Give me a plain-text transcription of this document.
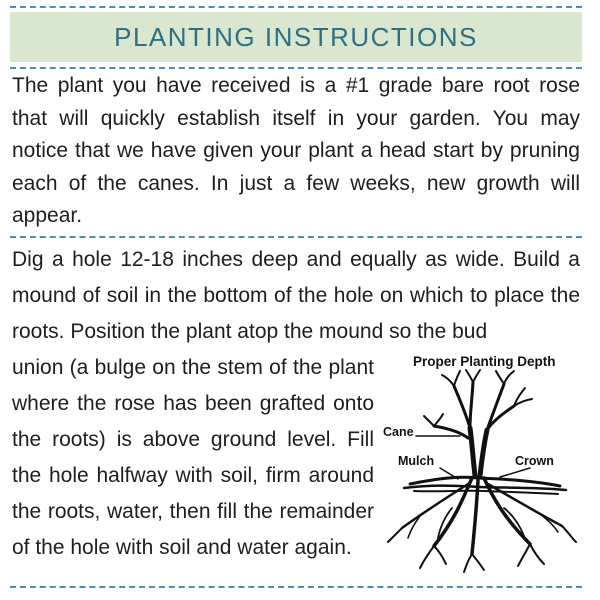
PLANTING INSTRUCTIONS

The plant you have received is a #1 grade bare root rose that will quickly establish itself in your garden. You may notice that we have given your plant a head start by pruning each of the canes. In just a few weeks, new growth will appear.

Dig a hole 12-18 inches deep and equally as wide. Build a mound of soil in the bottom of the hole on which to place the roots. Position the plant atop the mound so the bud

union (a bulge on the stem of the plant where the rose has been grafted onto the roots) is above ground level. Fill the hole halfway with soil, firm around the roots, water, then fill the remainder of the hole with soil and water again.

Proper Planting Depth
Cane
Mulch	Crown
